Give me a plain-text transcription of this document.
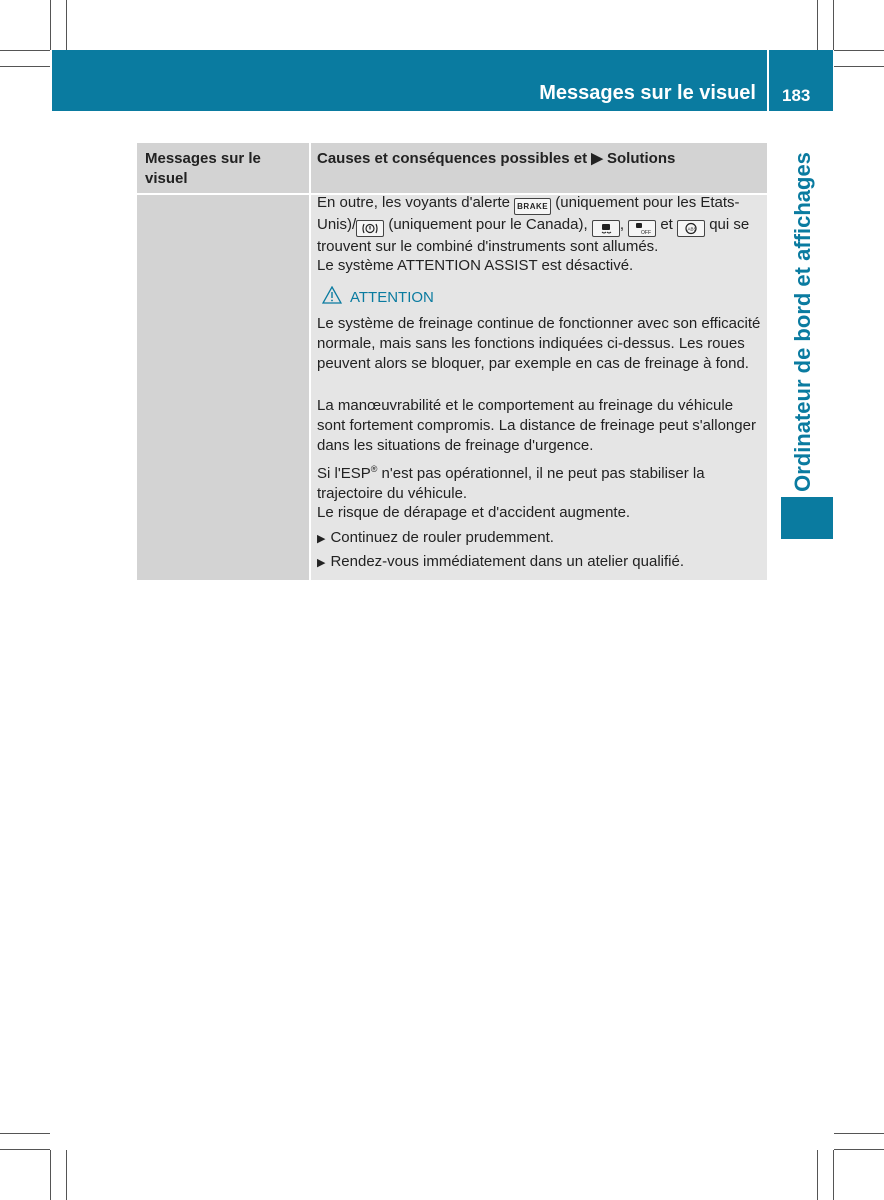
Messages sur le visuel 183
Ordinateur de bord et affichages
Messages sur le visuel
Causes et conséquences possibles et ▶ Solutions
En outre, les voyants d'alerte BRAKE (uniquement pour les Etats-Unis)/ (uniquement pour le Canada), ,	OFF et	ABS qui se trouvent sur le combiné d'instruments sont allumés.
Le système ATTENTION ASSIST est désactivé.
ATTENTION
Le système de freinage continue de fonctionner avec son efficacité normale, mais sans les fonctions indiquées ci-dessus. Les roues peuvent alors se bloquer, par exemple en cas de freinage à fond.
La manœuvrabilité et le comportement au freinage du véhicule sont fortement compromis. La distance de freinage peut s'allonger dans les situations de freinage d'urgence.
Si l'ESP® n'est pas opérationnel, il ne peut pas stabiliser la trajectoire du véhicule.
Le risque de dérapage et d'accident augmente.
▶ Continuez de rouler prudemment.
▶ Rendez-vous immédiatement dans un atelier qualifié.
